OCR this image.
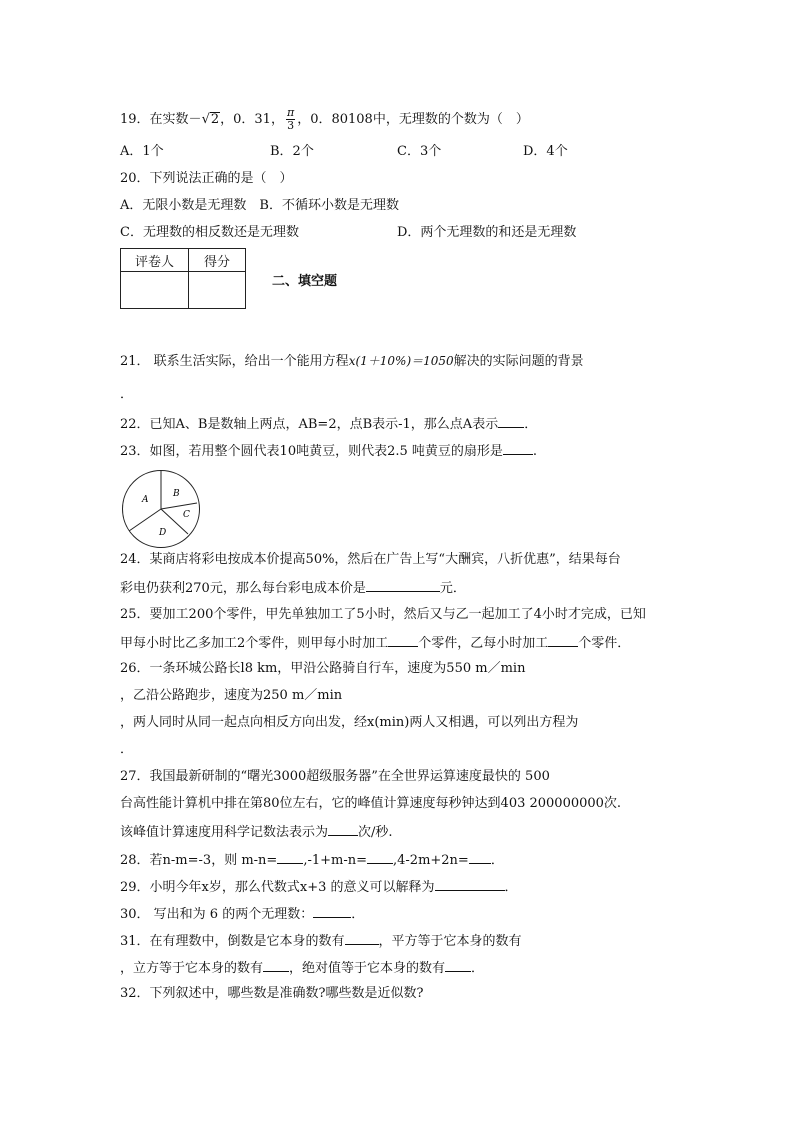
19．在实数－√2，0．31， $\frac{\pi}{3}$ ，0．80108中，无理数的个数为（　）
A．1个	B．2个	C．3个	D．4个
20．下列说法正确的是（　）
A．无限小数是无理数　B．不循环小数是无理数
C．无理数的相反数还是无理数	D．两个无理数的和还是无理数
评卷人	得分

二、填空题
21． 联系生活实际，给出一个能用方程x(1＋10%)＝1050解决的实际问题的背景
．
22．已知A、B是数轴上两点，AB=2，点B表示-1，那么点A表示 ．
23．如图，若用整个圆代表10吨黄豆，则代表2.5 吨黄豆的扇形是 .
A
B
C
D
24．某商店将彩电按成本价提高50%，然后在广告上写“大酬宾，八折优惠”，结果每台
彩电仍获利270元，那么每台彩电成本价是	元．
25．要加工200个零件，甲先单独加工了5小时，然后又与乙一起加工了4小时才完成，已知
甲每小时比乙多加工2个零件，则甲每小时加工 个零件，乙每小时加工 个零件．
26．一条环城公路长l8 km，甲沿公路骑自行车，速度为550 m／min
，乙沿公路跑步，速度为250 m／min
，两人同时从同一起点向相反方向出发，经x(min)两人又相遇，可以列出方程为
．
27．我国最新研制的“曙光3000超级服务器”在全世界运算速度最快的 500
台高性能计算机中排在第80位左右，它的峰值计算速度每秒钟达到403 200000000次.
该峰值计算速度用科学记数法表示为 次/秒.
28．若n-m=-3，则 m-n= ,-1+m-n= ,4-2m+2n= ．
29．小明今年x岁，那么代数式x+3 的意义可以解释为	．
30． 写出和为 6 的两个无理数：	．
31．在有理数中，倒数是它本身的数有	，平方等于它本身的数有
，立方等于它本身的数有 ，绝对值等于它本身的数有 ．
32．下列叙述中，哪些数是准确数?哪些数是近似数?
